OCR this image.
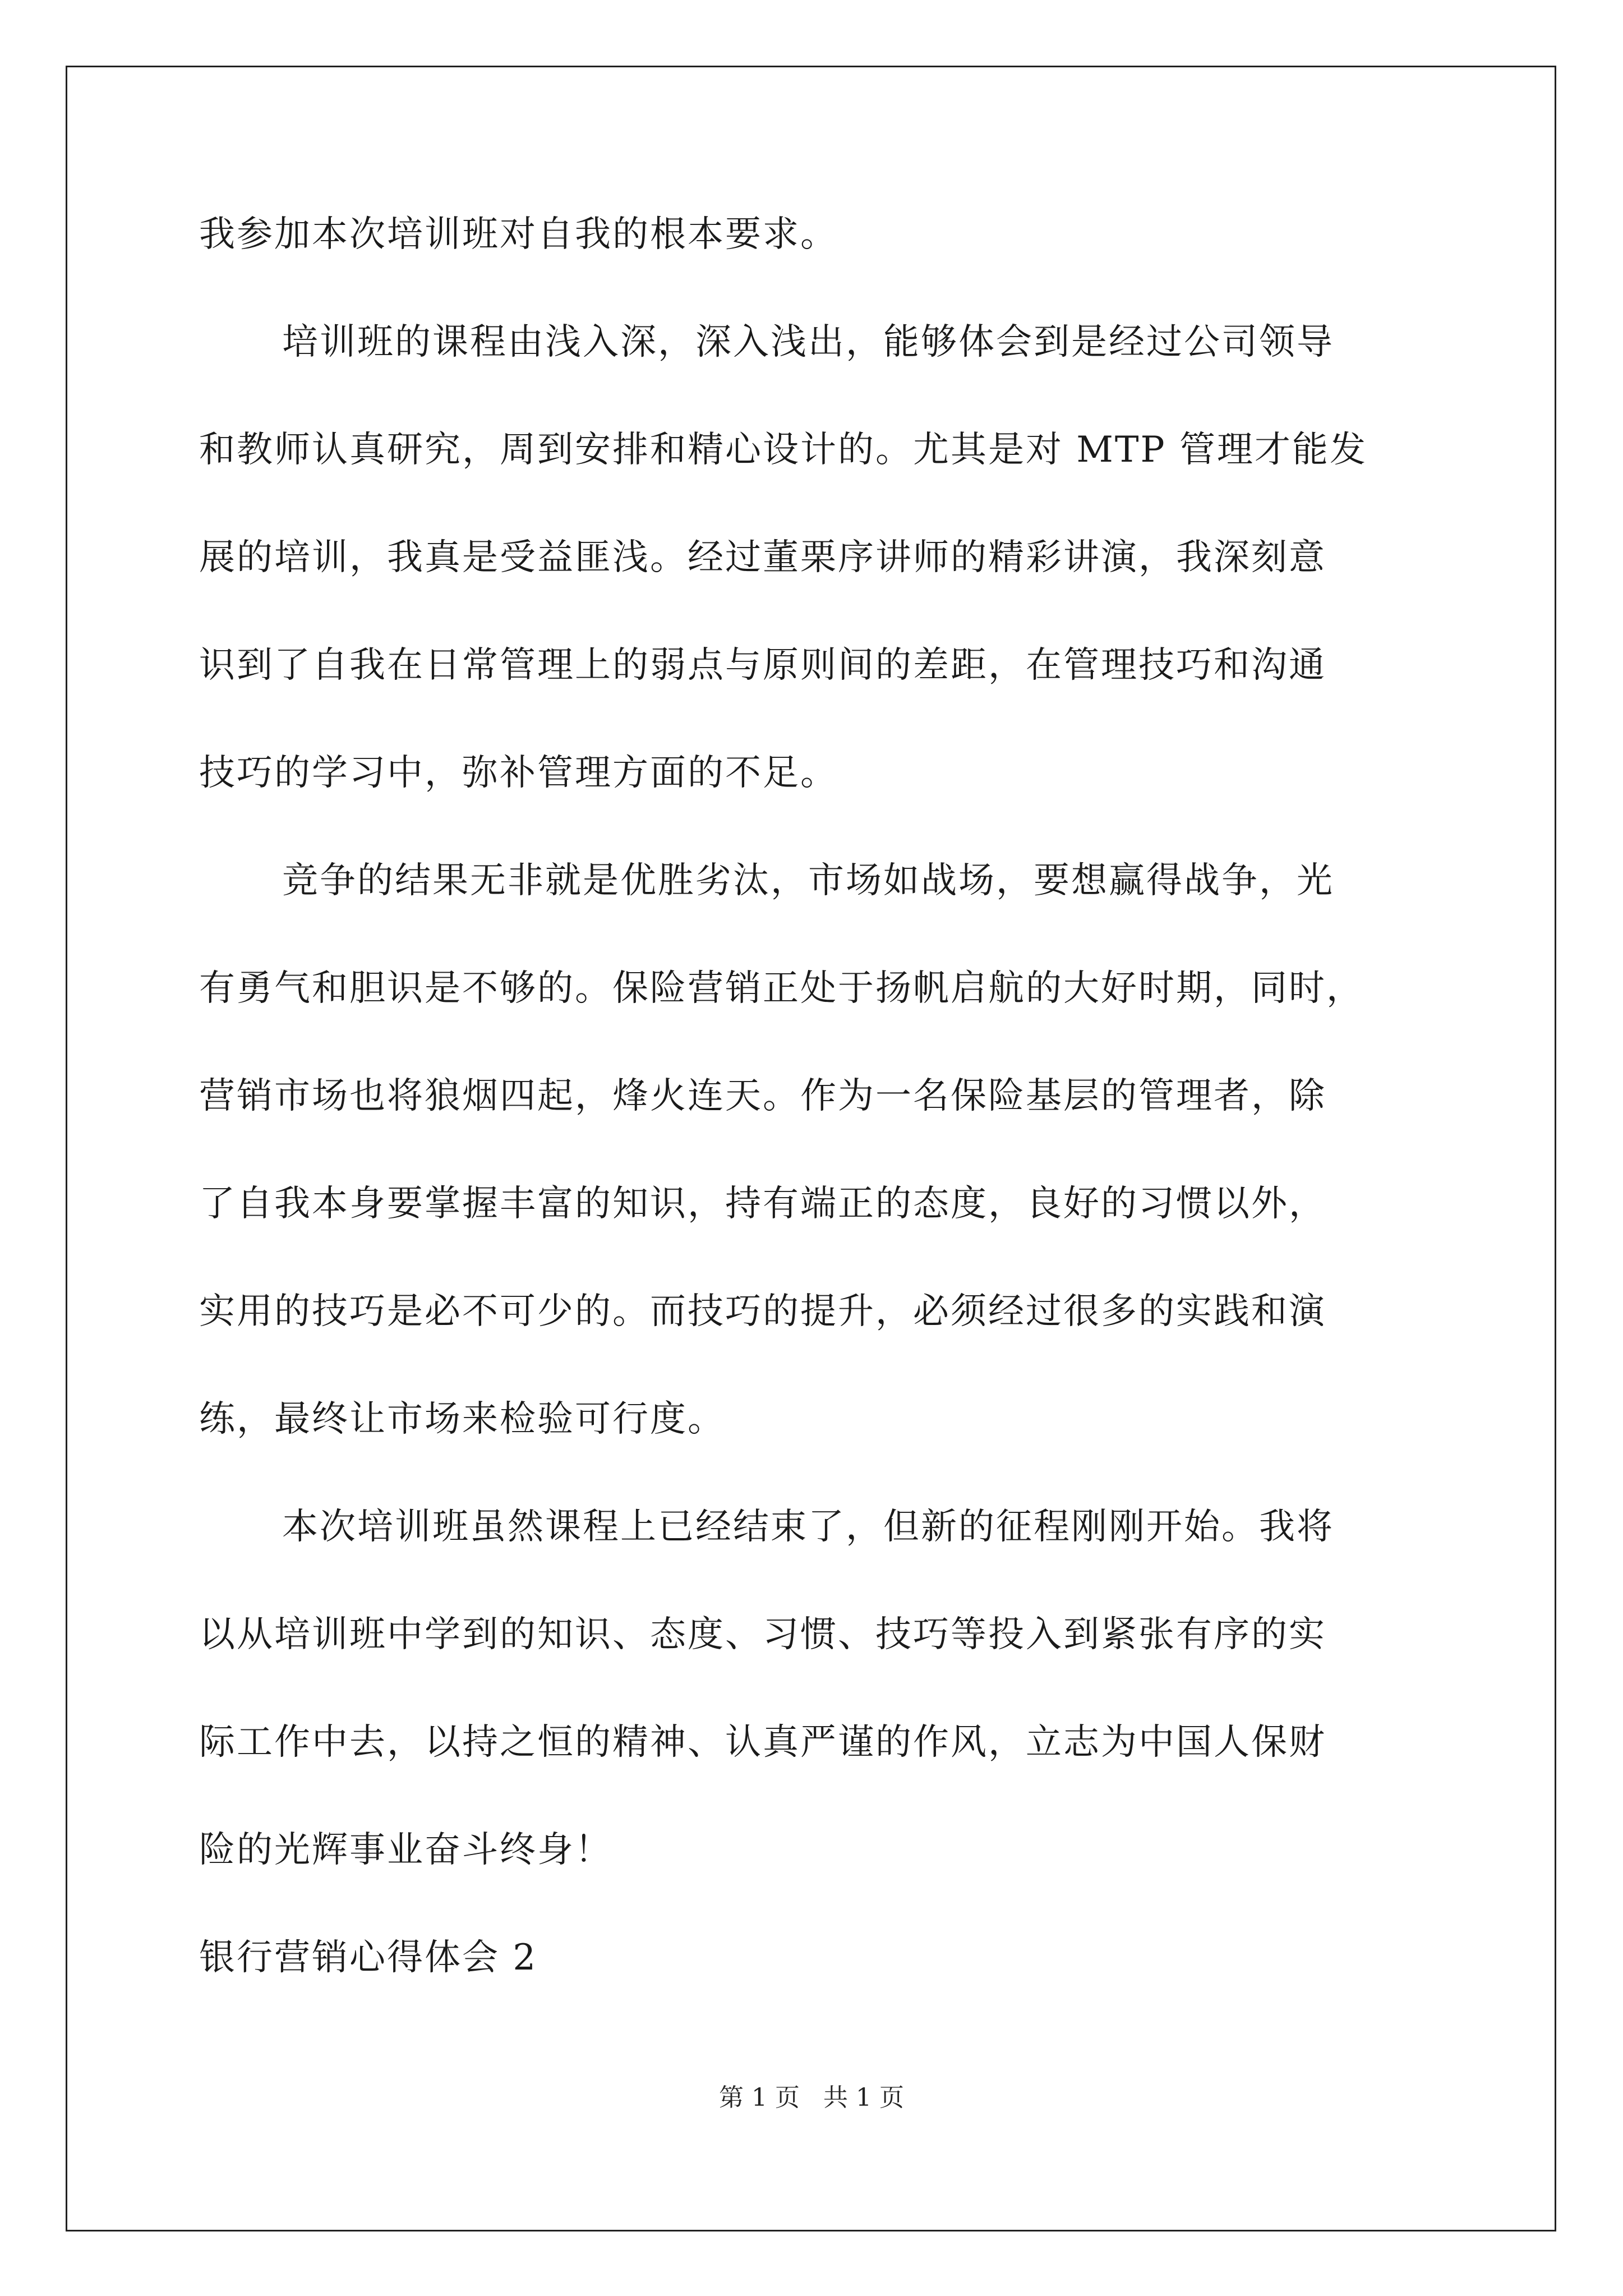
我参加本次培训班对自我的根本要求。
培训班的课程由浅入深，深入浅出，能够体会到是经过公司领导
和教师认真研究，周到安排和精心设计的。尤其是对 MTP 管理才能发
展的培训，我真是受益匪浅。经过董栗序讲师的精彩讲演，我深刻意
识到了自我在日常管理上的弱点与原则间的差距，在管理技巧和沟通
技巧的学习中，弥补管理方面的不足。
竞争的结果无非就是优胜劣汰，市场如战场，要想赢得战争，光
有勇气和胆识是不够的。保险营销正处于扬帆启航的大好时期，同时，
营销市场也将狼烟四起，烽火连天。作为一名保险基层的管理者，除
了自我本身要掌握丰富的知识，持有端正的态度，良好的习惯以外，
实用的技巧是必不可少的。而技巧的提升，必须经过很多的实践和演
练，最终让市场来检验可行度。
本次培训班虽然课程上已经结束了，但新的征程刚刚开始。我将
以从培训班中学到的知识、态度、习惯、技巧等投入到紧张有序的实
际工作中去，以持之恒的精神、认真严谨的作风，立志为中国人保财
险的光辉事业奋斗终身！
银行营销心得体会 2
第 1 页   共 1 页
